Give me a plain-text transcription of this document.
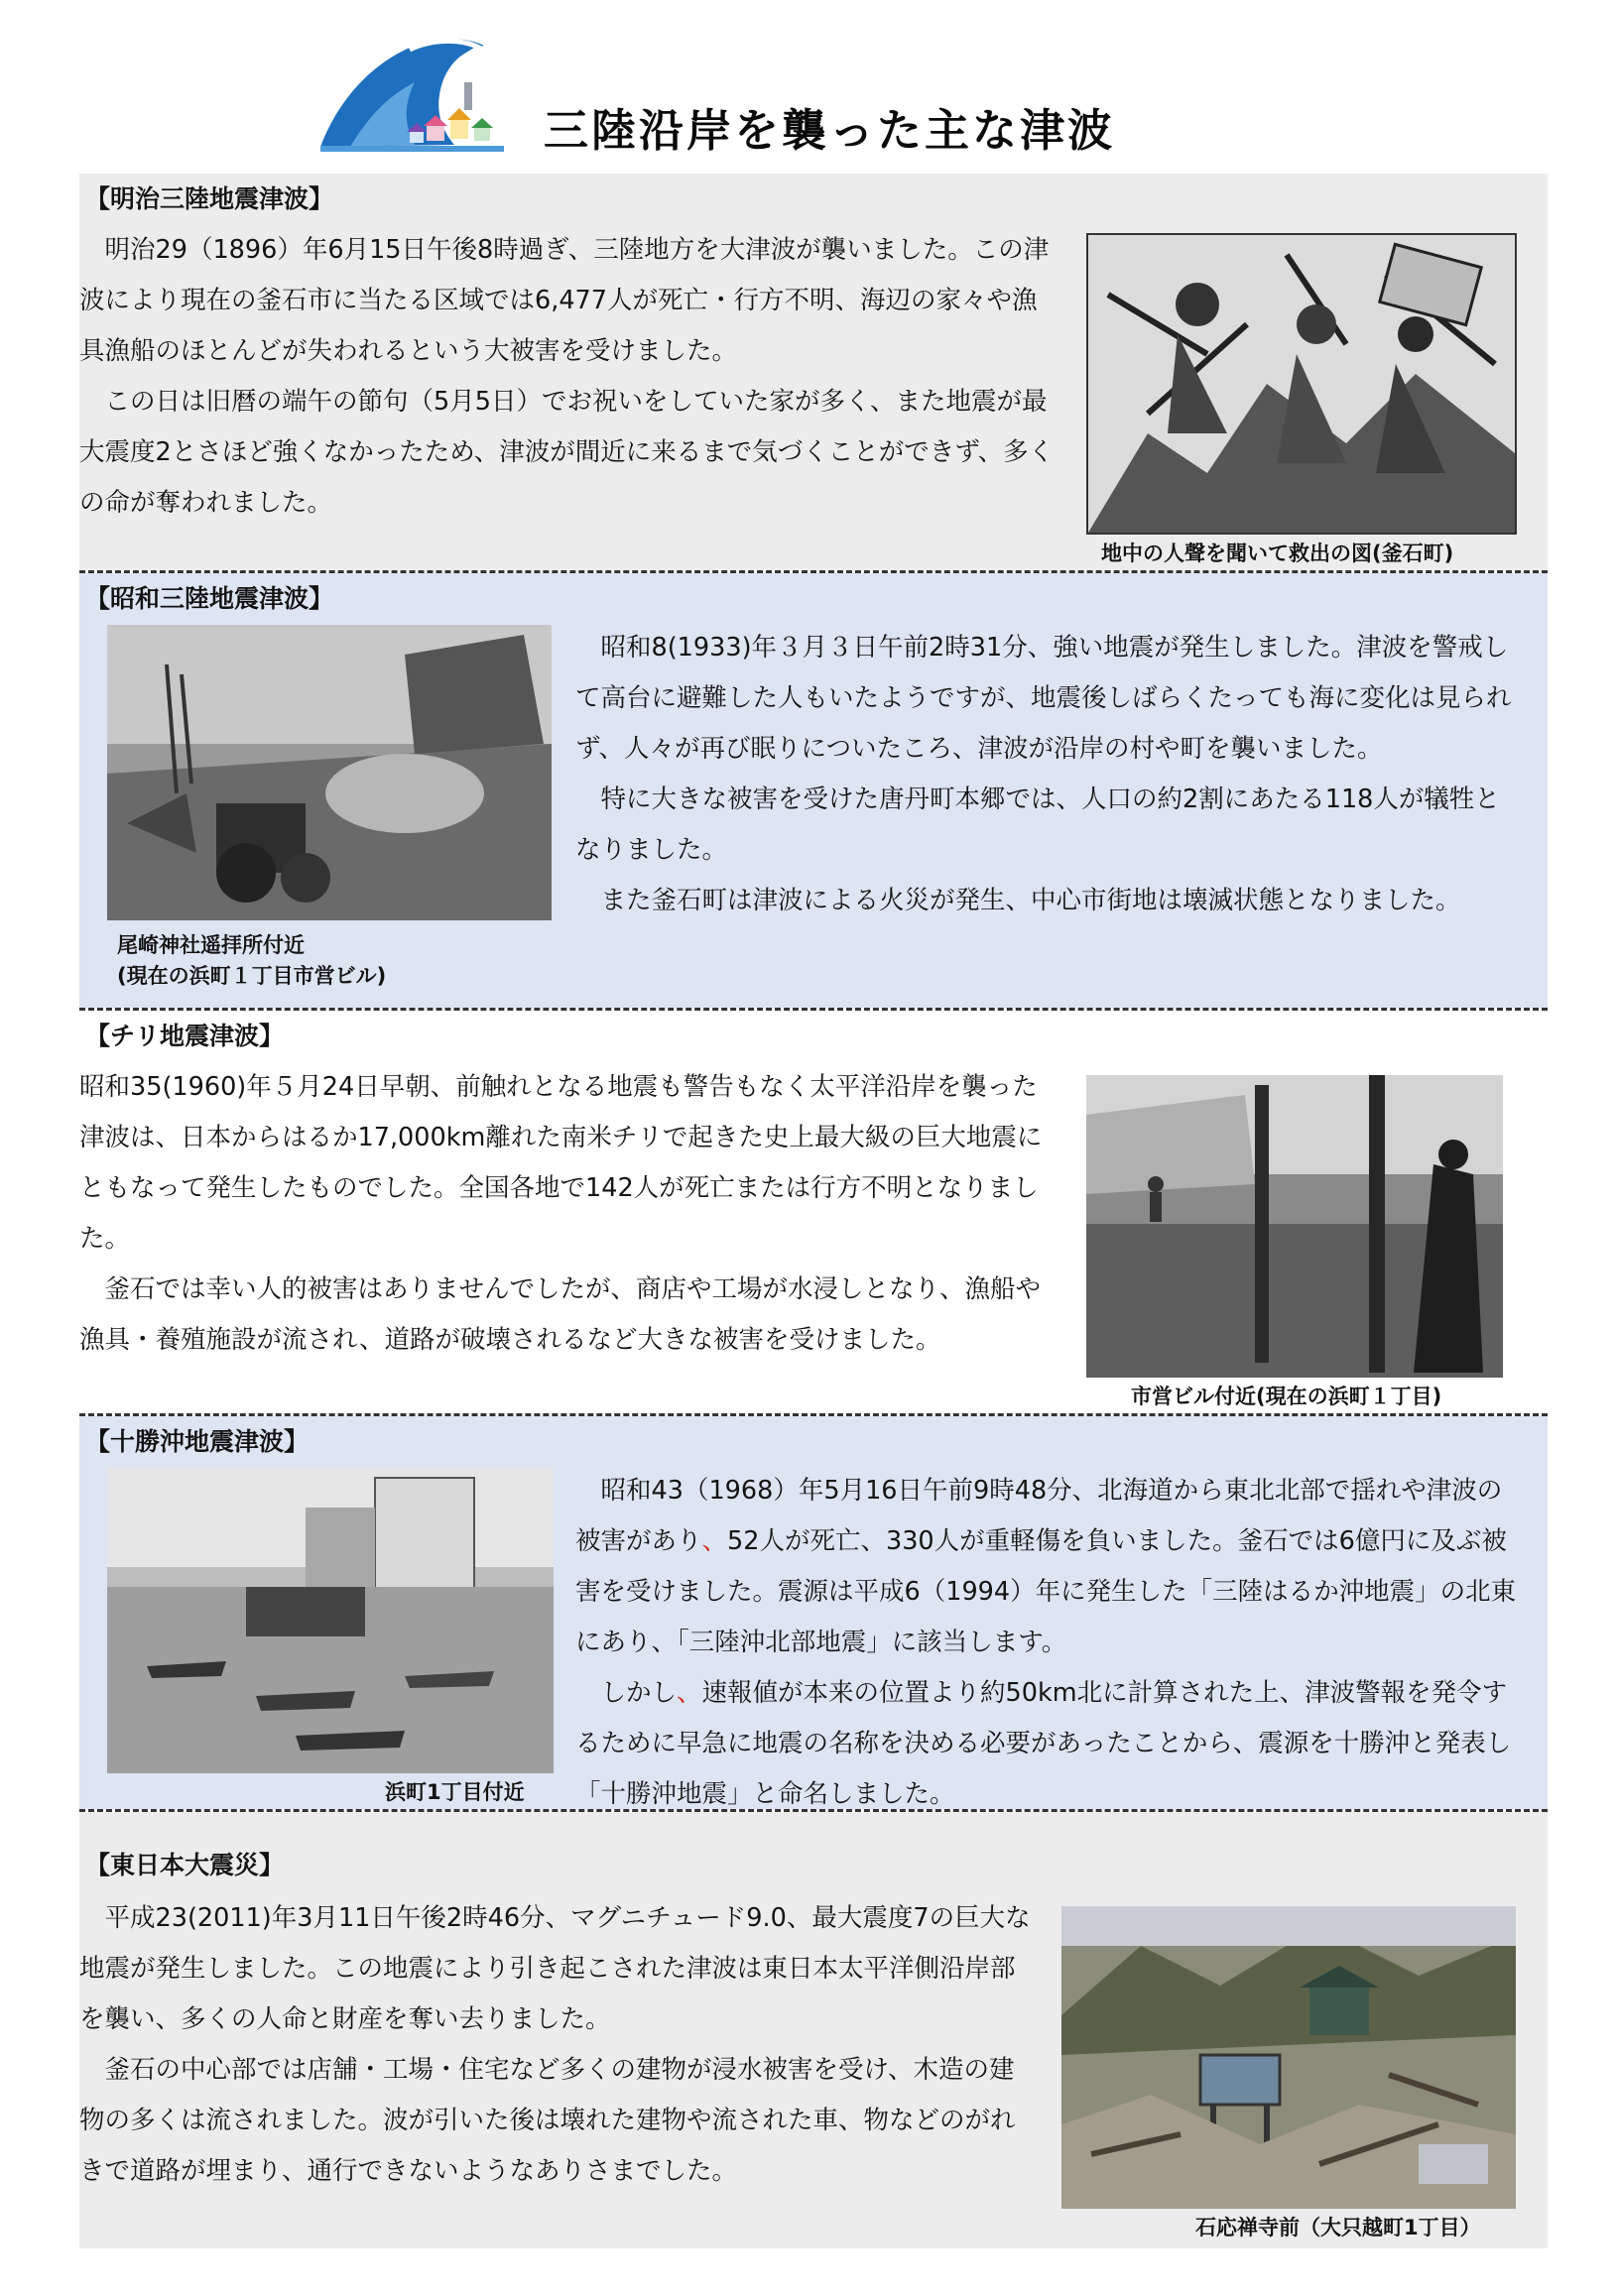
三陸沿岸を襲った主な津波
【明治三陸地震津波】

明治29（1896）年6月15日午後8時過ぎ、三陸地方を大津波が襲いました。この津波により現在の釜石市に当たる区域では6,477人が死亡・行方不明、海辺の家々や漁具漁船のほとんどが失われるという大被害を受けました。

この日は旧暦の端午の節句（5月5日）でお祝いをしていた家が多く、また地震が最大震度2とさほど強くなかったため、津波が間近に来るまで気づくことができず、多くの命が奪われました。

地中の人聲を聞いて救出の図(釜石町)
【昭和三陸地震津波】
尾崎神社遥拝所付近
(現在の浜町１丁目市営ビル)

昭和8(1933)年３月３日午前2時31分、強い地震が発生しました。津波を警戒して高台に避難した人もいたようですが、地震後しばらくたっても海に変化は見られず、人々が再び眠りについたころ、津波が沿岸の村や町を襲いました。

特に大きな被害を受けた唐丹町本郷では、人口の約2割にあたる118人が犠牲となりました。

また釜石町は津波による火災が発生、中心市街地は壊滅状態となりました。

【チリ地震津波】

昭和35(1960)年５月24日早朝、前触れとなる地震も警告もなく太平洋沿岸を襲った津波は、日本からはるか17,000km離れた南米チリで起きた史上最大級の巨大地震にともなって発生したものでした。全国各地で142人が死亡または行方不明となりました。

釜石では幸い人的被害はありませんでしたが、商店や工場が水浸しとなり、漁船や漁具・養殖施設が流され、道路が破壊されるなど大きな被害を受けました。

市営ビル付近(現在の浜町１丁目)
【十勝沖地震津波】
浜町1丁目付近

昭和43（1968）年5月16日午前9時48分、北海道から東北北部で揺れや津波の被害があり、52人が死亡、330人が重軽傷を負いました。釜石では6億円に及ぶ被害を受けました。震源は平成6（1994）年に発生した「三陸はるか沖地震」の北東にあり、「三陸沖北部地震」に該当します。

しかし、速報値が本来の位置より約50km北に計算された上、津波警報を発令するために早急に地震の名称を決める必要があったことから、震源を十勝沖と発表し「十勝沖地震」と命名しました。

【東日本大震災】

平成23(2011)年3月11日午後2時46分、マグニチュード9.0、最大震度7の巨大な地震が発生しました。この地震により引き起こされた津波は東日本太平洋側沿岸部を襲い、多くの人命と財産を奪い去りました。

釜石の中心部では店舗・工場・住宅など多くの建物が浸水被害を受け、木造の建物の多くは流されました。波が引いた後は壊れた建物や流された車、物などのがれきで道路が埋まり、通行できないようなありさまでした。

石応禅寺前（大只越町1丁目）
